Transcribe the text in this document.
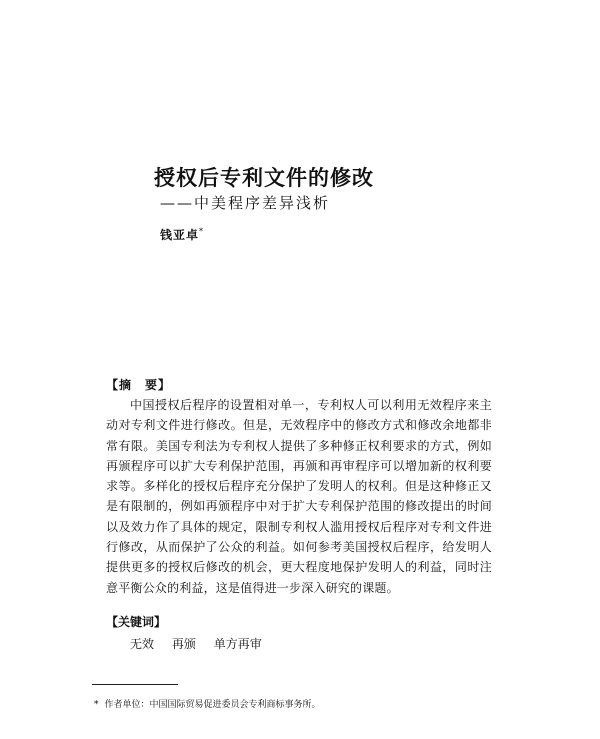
授权后专利文件的修改
——中美程序差异浅析
钱亚卓*
【摘　要】
中国授权后程序的设置相对单一，专利权人可以利用无效程序来主动对专利文件进行修改。但是，无效程序中的修改方式和修改余地都非常有限。美国专利法为专利权人提供了多种修正权利要求的方式，例如再颁程序可以扩大专利保护范围，再颁和再审程序可以增加新的权利要求等。多样化的授权后程序充分保护了发明人的权利。但是这种修正又是有限制的，例如再颁程序中对于扩大专利保护范围的修改提出的时间以及效力作了具体的规定，限制专利权人滥用授权后程序对专利文件进行修改，从而保护了公众的利益。如何参考美国授权后程序，给发明人提供更多的授权后修改的机会，更大程度地保护发明人的利益，同时注意平衡公众的利益，这是值得进一步深入研究的课题。
【关键词】
无效 再颁 单方再审
* 作者单位：中国国际贸易促进委员会专利商标事务所。
